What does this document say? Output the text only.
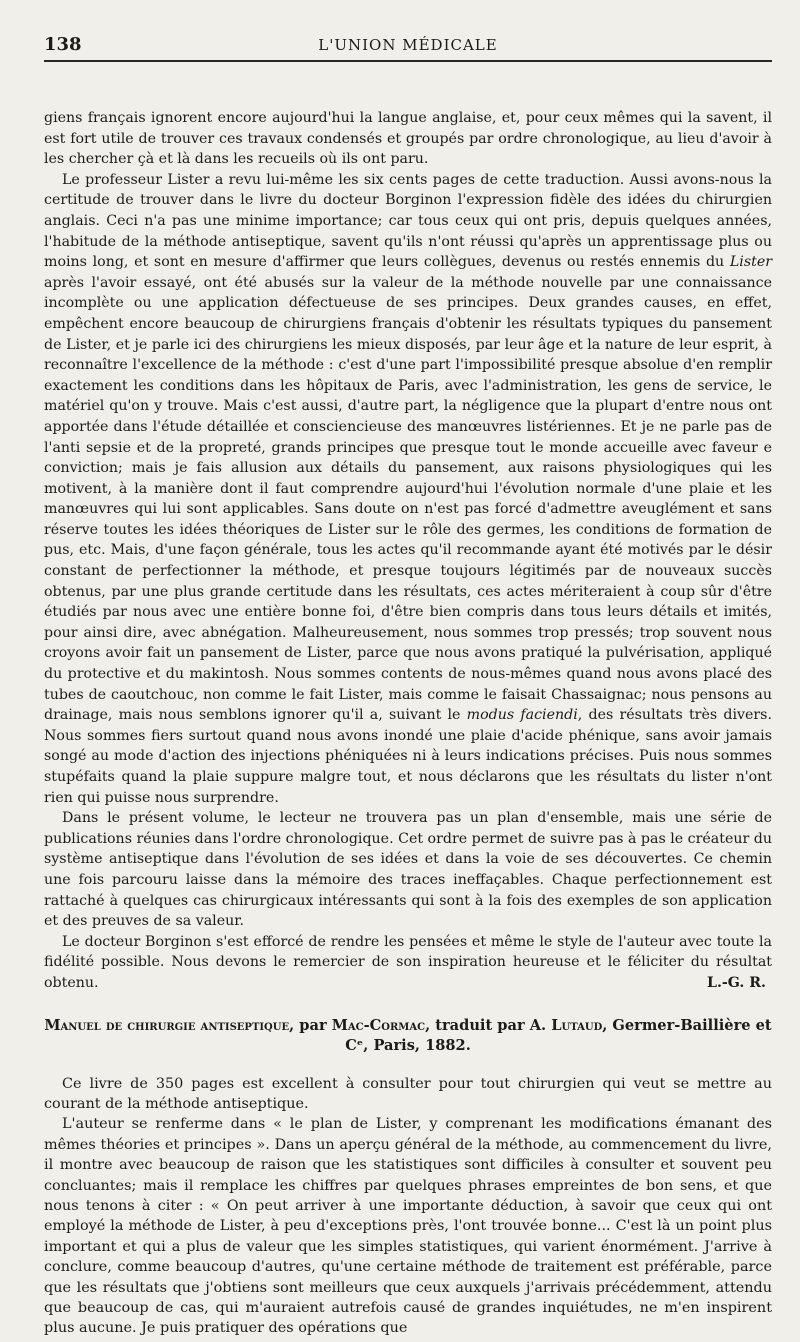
138	L'UNION MÉDICALE

giens français ignorent encore aujourd'hui la langue anglaise, et, pour ceux mêmes qui la savent, il est fort utile de trouver ces travaux condensés et groupés par ordre chronologique, au lieu d'avoir à les chercher çà et là dans les recueils où ils ont paru.

Le professeur Lister a revu lui-même les six cents pages de cette traduction. Aussi avons-nous la certitude de trouver dans le livre du docteur Borginon l'expression fidèle des idées du chirurgien anglais. Ceci n'a pas une minime importance; car tous ceux qui ont pris, depuis quelques années, l'habitude de la méthode antiseptique, savent qu'ils n'ont réussi qu'après un apprentissage plus ou moins long, et sont en mesure d'affirmer que leurs collègues, devenus ou restés ennemis du Lister après l'avoir essayé, ont été abusés sur la valeur de la méthode nouvelle par une connaissance incomplète ou une application défectueuse de ses principes. Deux grandes causes, en effet, empêchent encore beaucoup de chirurgiens français d'obtenir les résultats typiques du pansement de Lister, et je parle ici des chirurgiens les mieux disposés, par leur âge et la nature de leur esprit, à reconnaître l'excellence de la méthode : c'est d'une part l'impossibilité presque absolue d'en remplir exactement les conditions dans les hôpitaux de Paris, avec l'administration, les gens de service, le matériel qu'on y trouve. Mais c'est aussi, d'autre part, la négligence que la plupart d'entre nous ont apportée dans l'étude détaillée et consciencieuse des manœuvres listériennes. Et je ne parle pas de l'anti sepsie et de la propreté, grands principes que presque tout le monde accueille avec faveur e conviction; mais je fais allusion aux détails du pansement, aux raisons physiologiques qui les motivent, à la manière dont il faut comprendre aujourd'hui l'évolution normale d'une plaie et les manœuvres qui lui sont applicables. Sans doute on n'est pas forcé d'admettre aveuglément et sans réserve toutes les idées théoriques de Lister sur le rôle des germes, les conditions de formation de pus, etc. Mais, d'une façon générale, tous les actes qu'il recommande ayant été motivés par le désir constant de perfectionner la méthode, et presque toujours légitimés par de nouveaux succès obtenus, par une plus grande certitude dans les résultats, ces actes mériteraient à coup sûr d'être étudiés par nous avec une entière bonne foi, d'être bien compris dans tous leurs détails et imités, pour ainsi dire, avec abnégation. Malheureusement, nous sommes trop pressés; trop souvent nous croyons avoir fait un pansement de Lister, parce que nous avons pratiqué la pulvérisation, appliqué du protective et du makintosh. Nous sommes contents de nous-mêmes quand nous avons placé des tubes de caoutchouc, non comme le fait Lister, mais comme le faisait Chassaignac; nous pensons au drainage, mais nous semblons ignorer qu'il a, suivant le modus faciendi, des résultats très divers. Nous sommes fiers surtout quand nous avons inondé une plaie d'acide phénique, sans avoir jamais songé au mode d'action des injections phéniquées ni à leurs indications précises. Puis nous sommes stupéfaits quand la plaie suppure malgre tout, et nous déclarons que les résultats du lister n'ont rien qui puisse nous surprendre.

Dans le présent volume, le lecteur ne trouvera pas un plan d'ensemble, mais une série de publications réunies dans l'ordre chronologique. Cet ordre permet de suivre pas à pas le créateur du système antiseptique dans l'évolution de ses idées et dans la voie de ses découvertes. Ce chemin une fois parcouru laisse dans la mémoire des traces ineffaçables. Chaque perfectionnement est rattaché à quelques cas chirurgicaux intéressants qui sont à la fois des exemples de son application et des preuves de sa valeur.

Le docteur Borginon s'est efforcé de rendre les pensées et même le style de l'auteur avec toute la fidélité possible. Nous devons le remercier de son inspiration heureuse et le féliciter du résultat obtenu.	L.-G. R.

Manuel de chirurgie antiseptique, par Mac-Cormac, traduit par A. Lutaud, Germer-Baillière et Cᵉ, Paris, 1882.

Ce livre de 350 pages est excellent à consulter pour tout chirurgien qui veut se mettre au courant de la méthode antiseptique.

L'auteur se renferme dans « le plan de Lister, y comprenant les modifications émanant des mêmes théories et principes ». Dans un aperçu général de la méthode, au commencement du livre, il montre avec beaucoup de raison que les statistiques sont difficiles à consulter et souvent peu concluantes; mais il remplace les chiffres par quelques phrases empreintes de bon sens, et que nous tenons à citer : « On peut arriver à une importante déduction, à savoir que ceux qui ont employé la méthode de Lister, à peu d'exceptions près, l'ont trouvée bonne... C'est là un point plus important et qui a plus de valeur que les simples statistiques, qui varient énormément. J'arrive à conclure, comme beaucoup d'autres, qu'une certaine méthode de traitement est préférable, parce que les résultats que j'obtiens sont meilleurs que ceux auxquels j'arrivais précédemment, attendu que beaucoup de cas, qui m'auraient autrefois causé de grandes inquiétudes, ne m'en inspirent plus aucune. Je puis pratiquer des opérations que
